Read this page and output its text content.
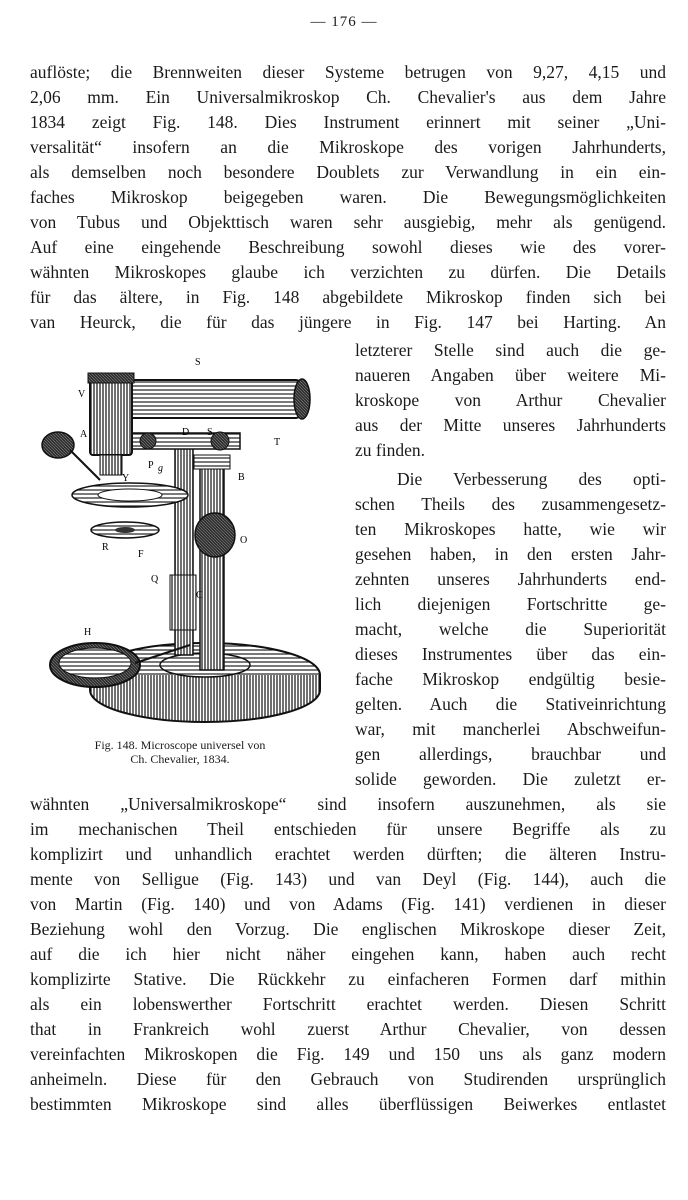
— 176 —
auflöste; die Brennweiten dieser Systeme betrugen von 9,27, 4,15 und
2,06 mm. Ein Universalmikroskop Ch. Chevalier's aus dem Jahre
1834 zeigt Fig. 148. Dies Instrument erinnert mit seiner „Uni-
versalität“ insofern an die Mikroskope des vorigen Jahrhunderts,
als demselben noch besondere Doublets zur Verwandlung in ein ein-
faches Mikroskop beigegeben waren. Die Bewegungsmöglichkeiten
von Tubus und Objekttisch waren sehr ausgiebig, mehr als genügend.
Auf eine eingehende Beschreibung sowohl dieses wie des vorer-
wähnten Mikroskopes glaube ich verzichten zu dürfen. Die Details
für das ältere, in Fig. 148 abgebildete Mikroskop finden sich bei
van Heurck, die für das jüngere in Fig. 147 bei Harting. An
letzterer Stelle sind auch die ge-
naueren Angaben über weitere Mi-
kroskope von Arthur Chevalier
aus der Mitte unseres Jahrhunderts
zu finden.
Die Verbesserung des opti-
schen Theils des zusammengesetz-
ten Mikroskopes hatte, wie wir
gesehen haben, in den ersten Jahr-
zehnten unseres Jahrhunderts end-
lich diejenigen Fortschritte ge-
macht, welche die Superiorität
dieses Instrumentes über das ein-
fache Mikroskop endgültig besie-
gelten. Auch die Stativeinrichtung
war, mit mancherlei Abschweifun-
gen allerdings, brauchbar und
solide geworden. Die zuletzt er-
wähnten „Universalmikroskope“ sind insofern auszunehmen, als sie
im mechanischen Theil entschieden für unsere Begriffe als zu
komplizirt und unhandlich erachtet werden dürften; die älteren Instru-
mente von Selligue (Fig. 143) und van Deyl (Fig. 144), auch die
von Martin (Fig. 140) und von Adams (Fig. 141) verdienen in dieser
Beziehung wohl den Vorzug. Die englischen Mikroskope dieser Zeit,
auf die ich hier nicht näher eingehen kann, haben auch recht
komplizirte Stative. Die Rückkehr zu einfacheren Formen darf mithin
als ein lobenswerther Fortschritt erachtet werden. Diesen Schritt
that in Frankreich wohl zuerst Arthur Chevalier, von dessen
vereinfachten Mikroskopen die Fig. 149 und 150 uns als ganz modern
anheimeln. Diese für den Gebrauch von Studirenden ursprünglich
bestimmten Mikroskope sind alles überflüssigen Beiwerkes entlastet
S
V
A	D S
T
P g
Y	B
R
F
O
Q
C
H
Fig. 148. Microscope universel von
Ch. Chevalier, 1834.
